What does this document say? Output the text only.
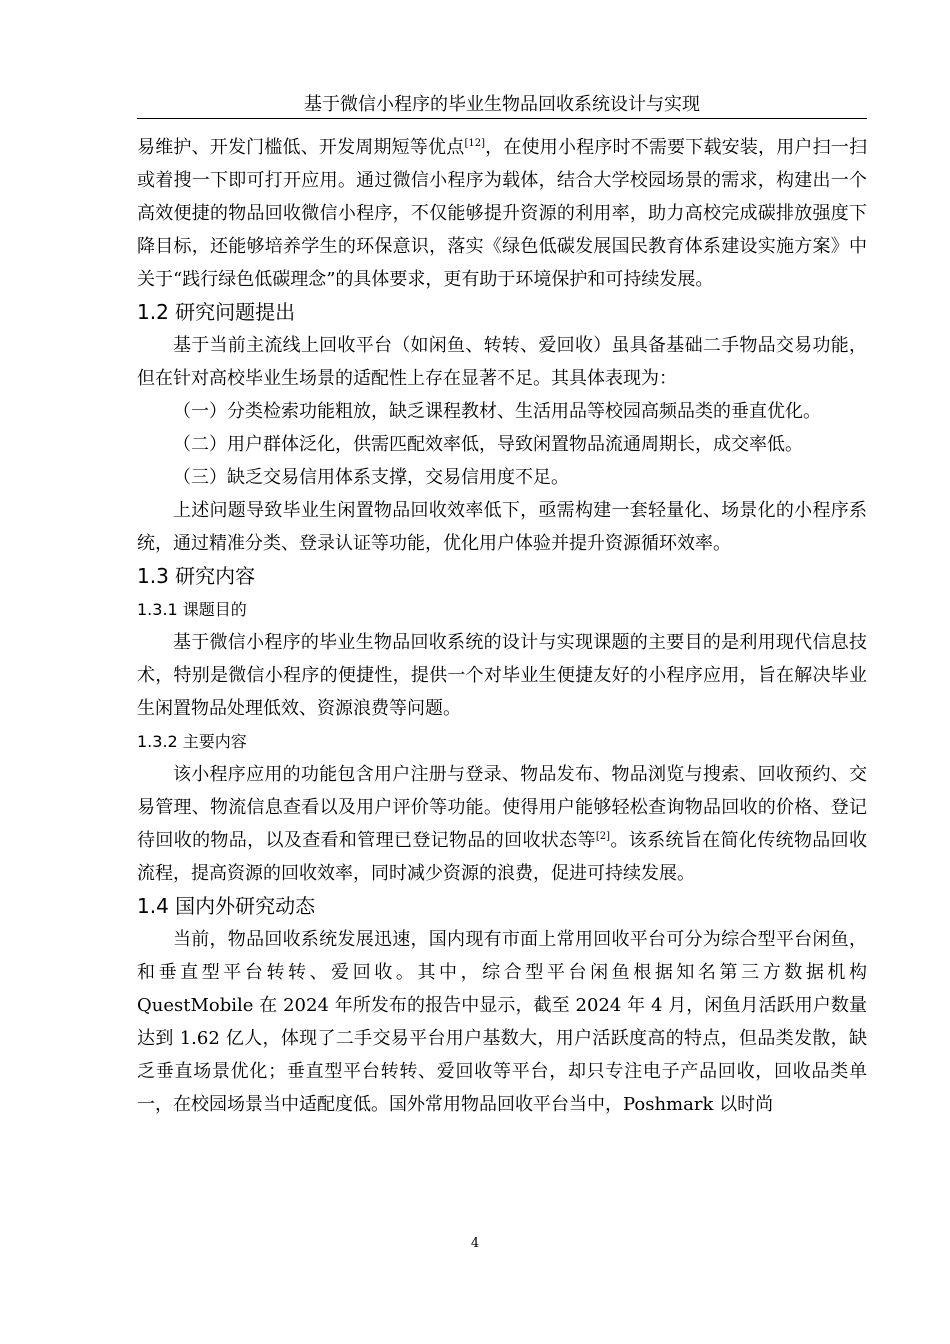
基于微信小程序的毕业生物品回收系统设计与实现

易维护、开发门槛低、开发周期短等优点[12]，在使用小程序时不需要下载安装，用户扫一扫或着搜一下即可打开应用。通过微信小程序为载体，结合大学校园场景的需求，构建出一个高效便捷的物品回收微信小程序，不仅能够提升资源的利用率，助力高校完成碳排放强度下降目标，还能够培养学生的环保意识，落实《绿色低碳发展国民教育体系建设实施方案》中关于“践行绿色低碳理念”的具体要求，更有助于环境保护和可持续发展。

1.2 研究问题提出

基于当前主流线上回收平台（如闲鱼、转转、爱回收）虽具备基础二手物品交易功能，但在针对高校毕业生场景的适配性上存在显著不足。其具体表现为：

（一）分类检索功能粗放，缺乏课程教材、生活用品等校园高频品类的垂直优化。

（二）用户群体泛化，供需匹配效率低，导致闲置物品流通周期长，成交率低。

（三）缺乏交易信用体系支撑，交易信用度不足。

上述问题导致毕业生闲置物品回收效率低下，亟需构建一套轻量化、场景化的小程序系统，通过精准分类、登录认证等功能，优化用户体验并提升资源循环效率。

1.3 研究内容
1.3.1 课题目的

基于微信小程序的毕业生物品回收系统的设计与实现课题的主要目的是利用现代信息技术，特别是微信小程序的便捷性，提供一个对毕业生便捷友好的小程序应用，旨在解决毕业生闲置物品处理低效、资源浪费等问题。

1.3.2 主要内容

该小程序应用的功能包含用户注册与登录、物品发布、物品浏览与搜索、回收预约、交易管理、物流信息查看以及用户评价等功能。使得用户能够轻松查询物品回收的价格、登记待回收的物品，以及查看和管理已登记物品的回收状态等[2]。该系统旨在简化传统物品回收流程，提高资源的回收效率，同时减少资源的浪费，促进可持续发展。

1.4 国内外研究动态

当前，物品回收系统发展迅速，国内现有市面上常用回收平台可分为综合型平台闲鱼，和垂直型平台转转、爱回收。其中，综合型平台闲鱼根据知名第三方数据机构 QuestMobile 在 2024 年所发布的报告中显示，截至 2024 年 4 月，闲鱼月活跃用户数量达到 1.62 亿人，体现了二手交易平台用户基数大，用户活跃度高的特点，但品类发散，缺乏垂直场景优化；垂直型平台转转、爱回收等平台，却只专注电子产品回收，回收品类单一，在校园场景当中适配度低。国外常用物品回收平台当中，Poshmark 以时尚

4
